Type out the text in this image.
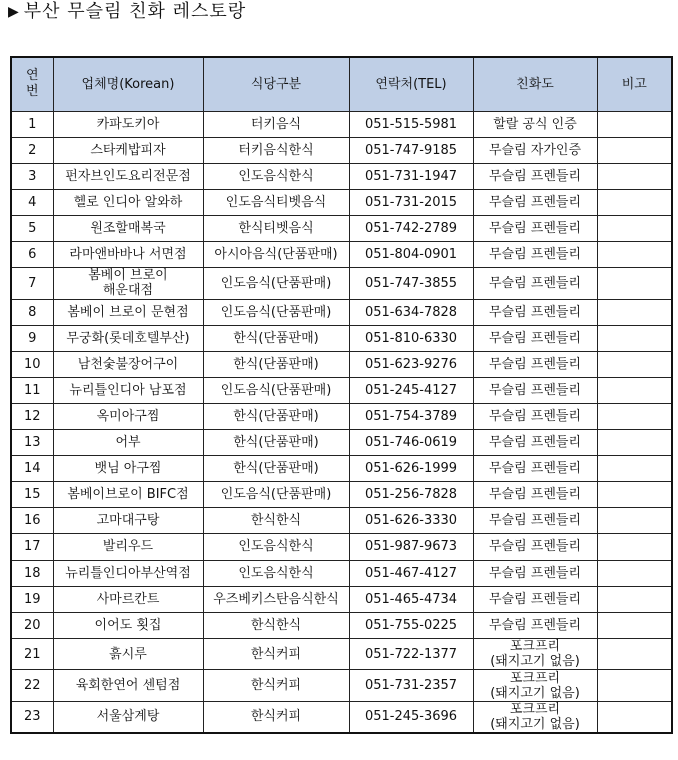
▶ 부산 무슬림 친화 레스토랑
연
번	업체명(Korean)	식당구분	연락처(TEL)	친화도	비고
1	카파도키아	터키음식	051-515-5981	할랄 공식 인증	
2	스타케밥피자	터키음식한식	051-747-9185	무슬림 자가인증	
3	펀자브인도요리전문점	인도음식한식	051-731-1947	무슬림 프렌들리	
4	헬로 인디아 알와하	인도음식티벳음식	051-731-2015	무슬림 프렌들리	
5	원조할매복국	한식티벳음식	051-742-2789	무슬림 프렌들리	
6	라마앤바바나 서면점	아시아음식(단품판매)	051-804-0901	무슬림 프렌들리	
7	봄베이 브로이
해운대점	인도음식(단품판매)	051-747-3855	무슬림 프렌들리	
8	봄베이 브로이 문현점	인도음식(단품판매)	051-634-7828	무슬림 프렌들리	
9	무궁화(롯데호텔부산)	한식(단품판매)	051-810-6330	무슬림 프렌들리	
10	남천숯불장어구이	한식(단품판매)	051-623-9276	무슬림 프렌들리	
11	뉴리틀인디아 남포점	인도음식(단품판매)	051-245-4127	무슬림 프렌들리	
12	옥미아구찜	한식(단품판매)	051-754-3789	무슬림 프렌들리	
13	어부	한식(단품판매)	051-746-0619	무슬림 프렌들리	
14	뱃님 아구찜	한식(단품판매)	051-626-1999	무슬림 프렌들리	
15	봄베이브로이 BIFC점	인도음식(단품판매)	051-256-7828	무슬림 프렌들리	
16	고마대구탕	한식한식	051-626-3330	무슬림 프렌들리	
17	발리우드	인도음식한식	051-987-9673	무슬림 프렌들리	
18	뉴리틀인디아부산역점	인도음식한식	051-467-4127	무슬림 프렌들리	
19	사마르칸트	우즈베키스탄음식한식	051-465-4734	무슬림 프렌들리	
20	이어도 횟집	한식한식	051-755-0225	무슬림 프렌들리	
21	흙시루	한식커피	051-722-1377	포크프리
(돼지고기 없음)	
22	육회한연어 센텀점	한식커피	051-731-2357	포크프리
(돼지고기 없음)	
23	서울삼계탕	한식커피	051-245-3696	포크프리
(돼지고기 없음)	
